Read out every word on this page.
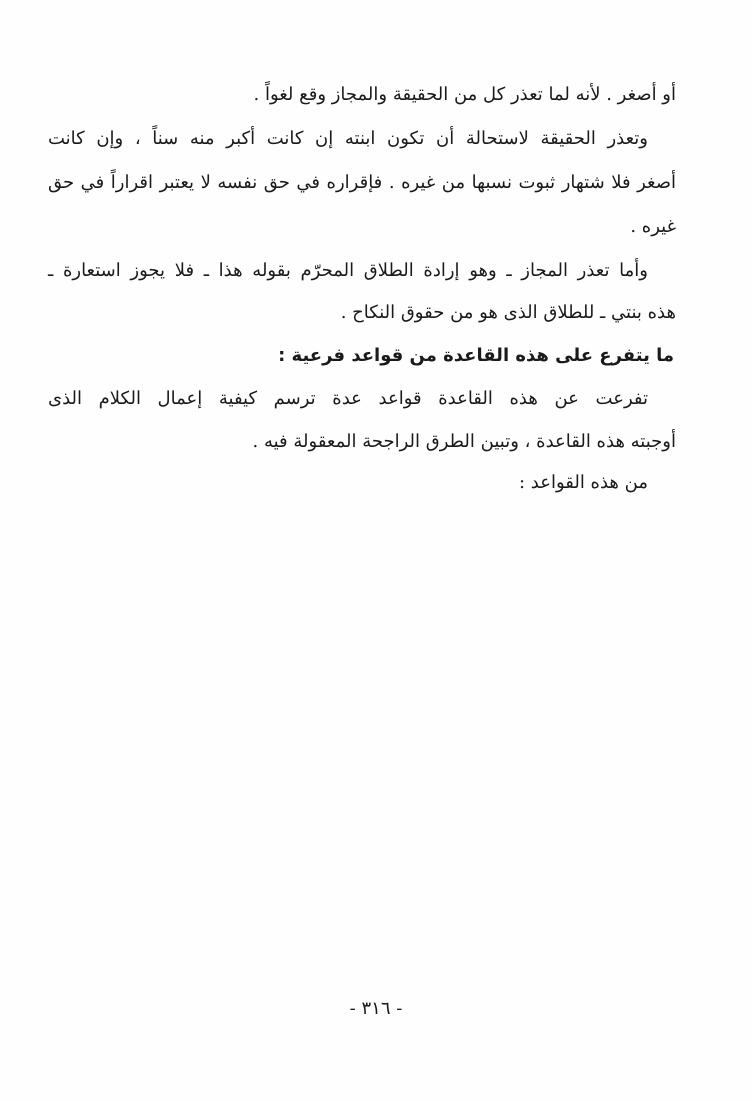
أو أصغر . لأنه لما تعذر كل من الحقيقة والمجاز وقع لغواً .
وتعذر الحقيقة لاستحالة أن تكون ابنته إن كانت أكبر منه سناً ، وإن كانت
أصغر فلا شتهار ثبوت نسبها من غيره . فإقراره في حق نفسه لا يعتبر اقراراً في حق
غيره .
وأما تعذر المجاز ـ وهو إرادة الطلاق المحرّم بقوله هذا ـ فلا يجوز استعارة ـ
هذه بنتي ـ للطلاق الذى هو من حقوق النكاح .
ما يتفرع على هذه القاعدة من قواعد فرعية :
تفرعت عن هذه القاعدة قواعد عدة ترسم كيفية إعمال الكلام الذى
أوجبته هذه القاعدة ، وتبين الطرق الراجحة المعقولة فيه .
من هذه القواعد :
- ٣١٦ -
